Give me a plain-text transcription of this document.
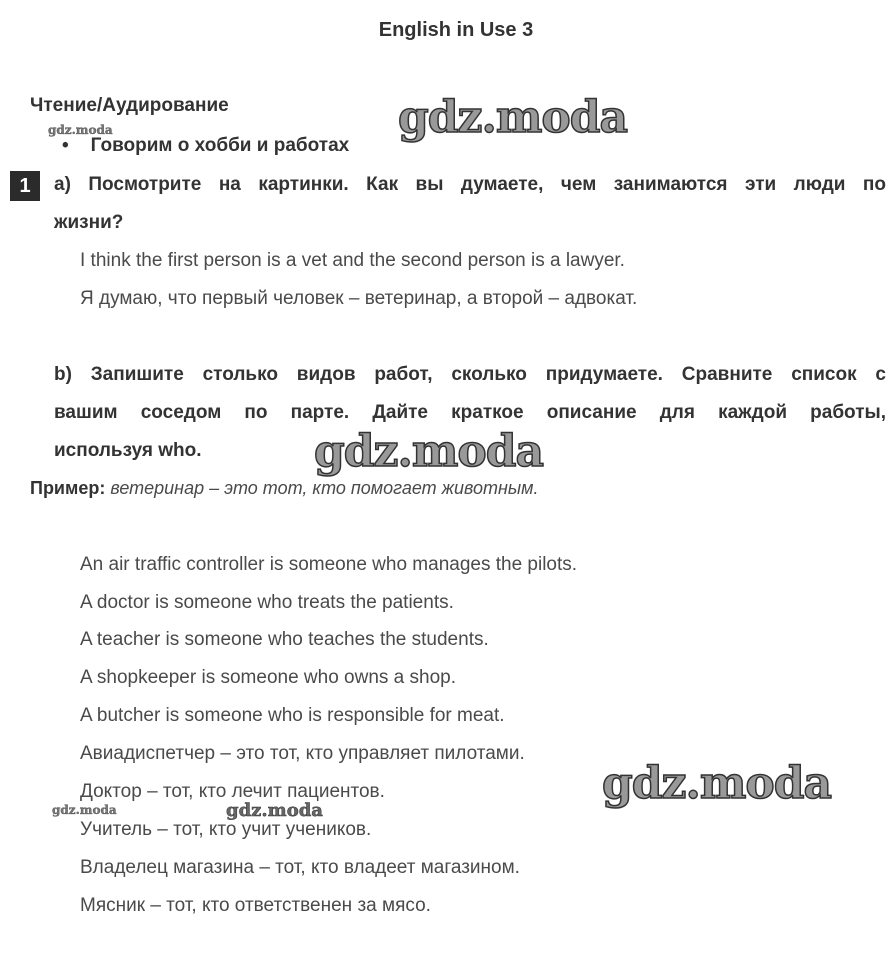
English in Use 3
Чтение/Аудирование
• Говорим о хобби и работах
1	a) Посмотрите на картинки. Как вы думаете, чем занимаются эти люди по
жизни?
I think the first person is a vet and the second person is a lawyer.
Я думаю, что первый человек – ветеринар, а второй – адвокат.
b) Запишите столько видов работ, сколько придумаете. Сравните список с
вашим соседом по парте. Дайте краткое описание для каждой работы,
используя who.
Пример: ветеринар – это тот, кто помогает животным.
An air traffic controller is someone who manages the pilots.
A doctor is someone who treats the patients.
A teacher is someone who teaches the students.
A shopkeeper is someone who owns a shop.
A butcher is someone who is responsible for meat.
Авиадиспетчер – это тот, кто управляет пилотами.
Доктор – тот, кто лечит пациентов.
Учитель – тот, кто учит учеников.
Владелец магазина – тот, кто владеет магазином.
Мясник – тот, кто ответственен за мясо.
gdz.moda
gdz.moda
gdz.moda
gdz.moda
gdz.moda	gdz.moda
